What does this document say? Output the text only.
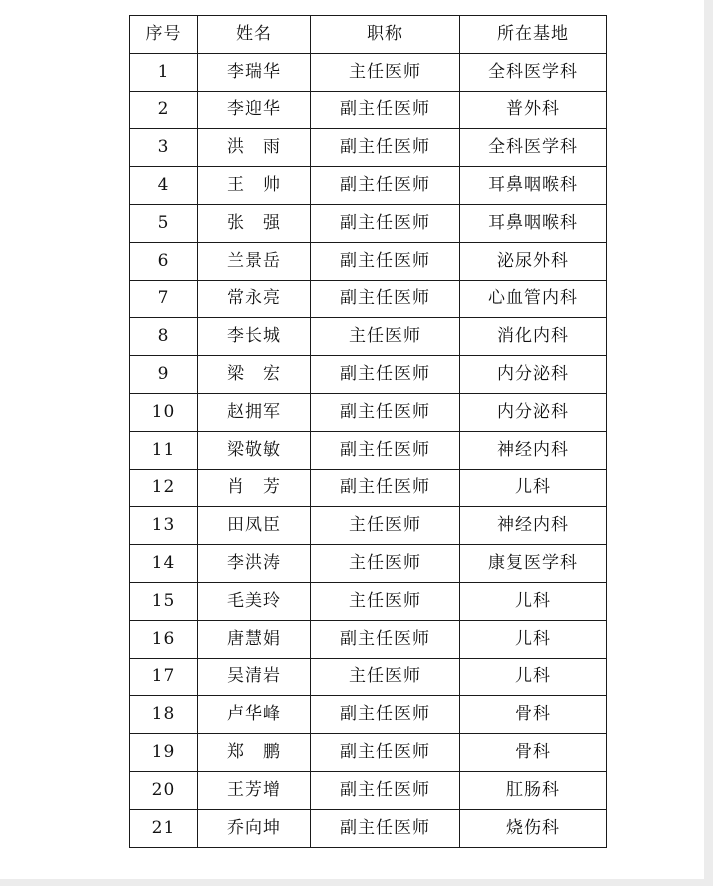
序号	姓名	职称	所在基地
1	李瑞华	主任医师	全科医学科
2	李迎华	副主任医师	普外科
3	洪　雨	副主任医师	全科医学科
4	王　帅	副主任医师	耳鼻咽喉科
5	张　强	副主任医师	耳鼻咽喉科
6	兰景岳	副主任医师	泌尿外科
7	常永亮	副主任医师	心血管内科
8	李长城	主任医师	消化内科
9	梁　宏	副主任医师	内分泌科
10	赵拥军	副主任医师	内分泌科
11	梁敬敏	副主任医师	神经内科
12	肖　芳	副主任医师	儿科
13	田凤臣	主任医师	神经内科
14	李洪涛	主任医师	康复医学科
15	毛美玲	主任医师	儿科
16	唐慧娟	副主任医师	儿科
17	吴清岩	主任医师	儿科
18	卢华峰	副主任医师	骨科
19	郑　鹏	副主任医师	骨科
20	王芳增	副主任医师	肛肠科
21	乔向坤	副主任医师	烧伤科
